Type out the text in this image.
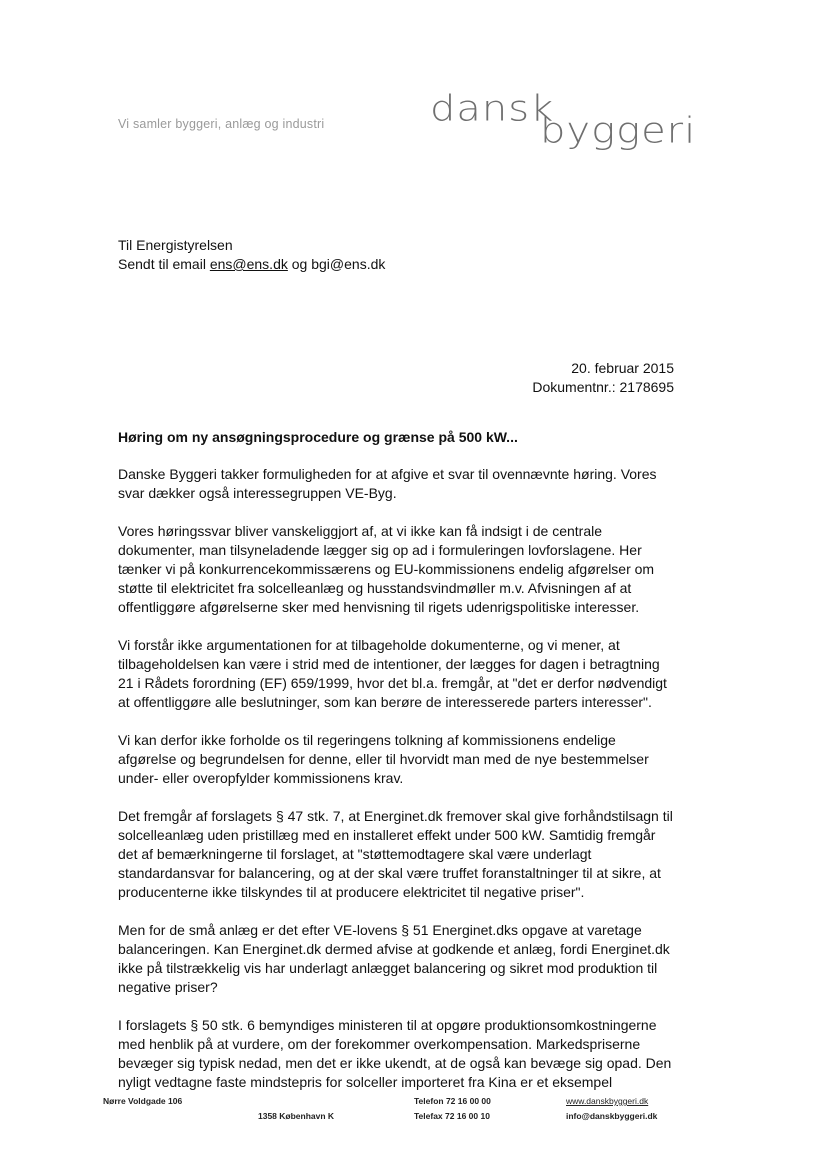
Vi samler byggeri, anlæg og industri	dansk
byggeri
Til Energistyrelsen
Sendt til email ens@ens.dk og bgi@ens.dk
20. februar 2015
Dokumentnr.: 2178695
Høring om ny ansøgningsprocedure og grænse på 500 kW...

Danske Byggeri takker formuligheden for at afgive et svar til ovennævnte høring. Vores svar dækker også interessegruppen VE-Byg.

Vores høringssvar bliver vanskeliggjort af, at vi ikke kan få indsigt i de centrale dokumenter, man tilsyneladende lægger sig op ad i formuleringen lovforslagene. Her tænker vi på konkurrencekommissærens og EU-kommissionens endelig afgørelser om støtte til elektricitet fra solcelleanlæg og husstandsvindmøller m.v. Afvisningen af at offentliggøre afgørelserne sker med henvisning til rigets udenrigspolitiske interesser.

Vi forstår ikke argumentationen for at tilbageholde dokumenterne, og vi mener, at tilbageholdelsen kan være i strid med de intentioner, der lægges for dagen i betragtning 21 i Rådets forordning (EF) 659/1999, hvor det bl.a. fremgår, at "det er derfor nødvendigt at offentliggøre alle beslutninger, som kan berøre de interesserede parters interesser".

Vi kan derfor ikke forholde os til regeringens tolkning af kommissionens endelige afgørelse og begrundelsen for denne, eller til hvorvidt man med de nye bestemmelser under- eller overopfylder kommissionens krav.

Det fremgår af forslagets § 47 stk. 7, at Energinet.dk fremover skal give forhåndstilsagn til solcelleanlæg uden pristillæg med en installeret effekt under 500 kW. Samtidig fremgår det af bemærkningerne til forslaget, at "støttemodtagere skal være underlagt standardansvar for balancering, og at der skal være truffet foranstaltninger til at sikre, at producenterne ikke tilskyndes til at producere elektricitet til negative priser".

Men for de små anlæg er det efter VE-lovens § 51 Energinet.dks opgave at varetage balanceringen. Kan Energinet.dk dermed afvise at godkende et anlæg, fordi Energinet.dk ikke på tilstrækkelig vis har underlagt anlægget balancering og sikret mod produktion til negative priser?

I forslagets § 50 stk. 6 bemyndiges ministeren til at opgøre produktionsomkostningerne med henblik på at vurdere, om der forekommer overkompensation. Markedspriserne bevæger sig typisk nedad, men det er ikke ukendt, at de også kan bevæge sig opad. Den nyligt vedtagne faste mindstepris for solceller importeret fra Kina er et eksempel

Nørre Voldgade 106
1358 København K
Telefon 72 16 00 00
Telefax 72 16 00 10
www.danskbyggeri.dk
info@danskbyggeri.dk
